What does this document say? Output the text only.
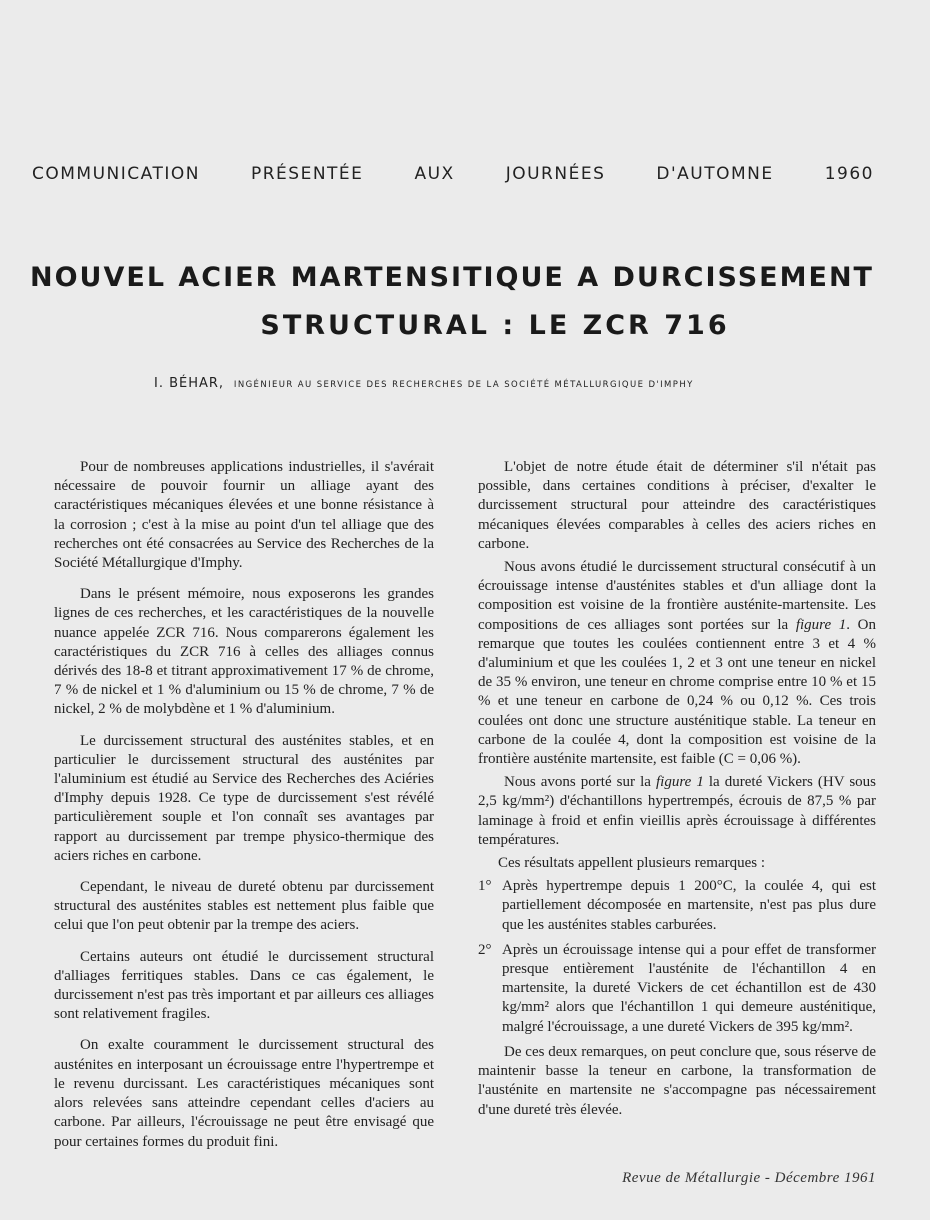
COMMUNICATION	PRÉSENTÉE	AUX	JOURNÉES	D'AUTOMNE	1960
NOUVEL ACIER MARTENSITIQUE A DURCISSEMENT
STRUCTURAL : LE ZCR 716
I. BÉHAR, INGÉNIEUR AU SERVICE DES RECHERCHES DE LA SOCIÉTÉ MÉTALLURGIQUE D'IMPHY

Pour de nombreuses applications industrielles, il s'avérait nécessaire de pouvoir fournir un alliage ayant des caractéristiques mécaniques élevées et une bonne résistance à la corrosion ; c'est à la mise au point d'un tel alliage que des recherches ont été consacrées au Service des Recherches de la Société Métallurgique d'Imphy.

Dans le présent mémoire, nous exposerons les grandes lignes de ces recherches, et les caractéristiques de la nouvelle nuance appelée ZCR 716. Nous comparerons également les caractéristiques du ZCR 716 à celles des alliages connus dérivés des 18-8 et titrant approximativement 17 % de chrome, 7 % de nickel et 1 % d'aluminium ou 15 % de chrome, 7 % de nickel, 2 % de molybdène et 1 % d'aluminium.

Le durcissement structural des austénites stables, et en particulier le durcissement structural des austénites par l'aluminium est étudié au Service des Recherches des Aciéries d'Imphy depuis 1928. Ce type de durcissement s'est révélé particulièrement souple et l'on connaît ses avantages par rapport au durcissement par trempe physico-thermique des aciers riches en carbone.

Cependant, le niveau de dureté obtenu par durcissement structural des austénites stables est nettement plus faible que celui que l'on peut obtenir par la trempe des aciers.

Certains auteurs ont étudié le durcissement structural d'alliages ferritiques stables. Dans ce cas également, le durcissement n'est pas très important et par ailleurs ces alliages sont relativement fragiles.

On exalte couramment le durcissement structural des austénites en interposant un écrouissage entre l'hypertrempe et le revenu durcissant. Les caractéristiques mécaniques sont alors relevées sans atteindre cependant celles d'aciers au carbone. Par ailleurs, l'écrouissage ne peut être envisagé que pour certaines formes du produit fini.

L'objet de notre étude était de déterminer s'il n'était pas possible, dans certaines conditions à préciser, d'exalter le durcissement structural pour atteindre des caractéristiques mécaniques élevées comparables à celles des aciers riches en carbone.

Nous avons étudié le durcissement structural consécutif à un écrouissage intense d'austénites stables et d'un alliage dont la composition est voisine de la frontière austénite-martensite. Les compositions de ces alliages sont portées sur la figure 1. On remarque que toutes les coulées contiennent entre 3 et 4 % d'aluminium et que les coulées 1, 2 et 3 ont une teneur en nickel de 35 % environ, une teneur en chrome comprise entre 10 % et 15 % et une teneur en carbone de 0,24 % ou 0,12 %. Ces trois coulées ont donc une structure austénitique stable. La teneur en carbone de la coulée 4, dont la composition est voisine de la frontière austénite martensite, est faible (C = 0,06 %).

Nous avons porté sur la figure 1 la dureté Vickers (HV sous 2,5 kg/mm²) d'échantillons hypertrempés, écrouis de 87,5 % par laminage à froid et enfin vieillis après écrouissage à différentes températures.

Ces résultats appellent plusieurs remarques :

1° Après hypertrempe depuis 1 200°C, la coulée 4, qui est partiellement décomposée en martensite, n'est pas plus dure que les austénites stables carburées.
2° Après un écrouissage intense qui a pour effet de transformer presque entièrement l'austénite de l'échantillon 4 en martensite, la dureté Vickers de cet échantillon est de 430 kg/mm² alors que l'échantillon 1 qui demeure austénitique, malgré l'écrouissage, a une dureté Vickers de 395 kg/mm².

De ces deux remarques, on peut conclure que, sous réserve de maintenir basse la teneur en carbone, la transformation de l'austénite en martensite ne s'accompagne pas nécessairement d'une dureté très élevée.

Revue de Métallurgie - Décembre 1961
